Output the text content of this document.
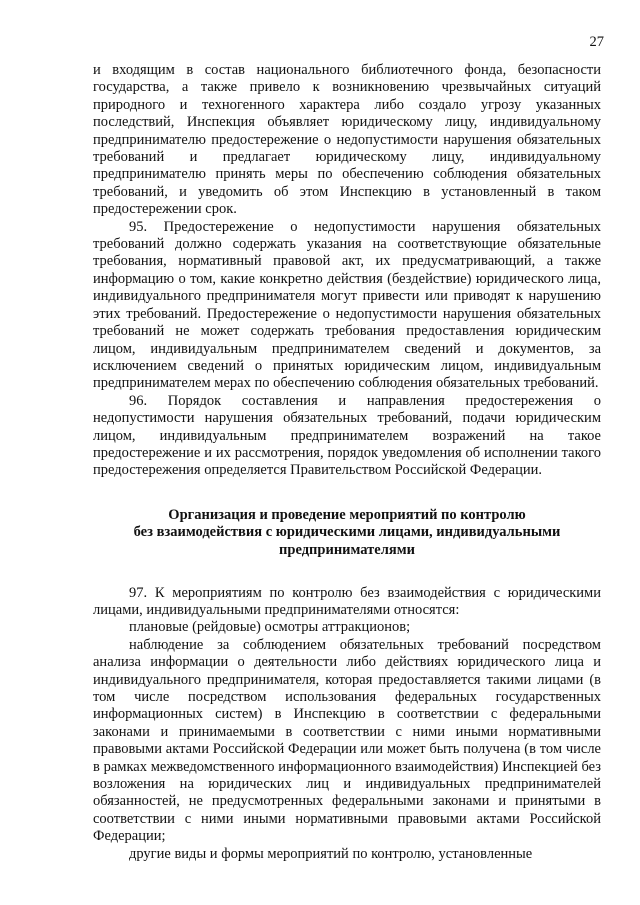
27

и входящим в состав национального библиотечного фонда, безопасности государства, а также привело к возникновению чрезвычайных ситуаций природного и техногенного характера либо создало угрозу указанных последствий, Инспекция объявляет юридическому лицу, индивидуальному предпринимателю предостережение о недопустимости нарушения обязательных требований и предлагает юридическому лицу, индивидуальному предпринимателю принять меры по обеспечению соблюдения обязательных требований, и уведомить об этом Инспекцию в установленный в таком предостережении срок.

95. Предостережение о недопустимости нарушения обязательных требований должно содержать указания на соответствующие обязательные требования, нормативный правовой акт, их предусматривающий, а также информацию о том, какие конкретно действия (бездействие) юридического лица, индивидуального предпринимателя могут привести или приводят к нарушению этих требований. Предостережение о недопустимости нарушения обязательных требований не может содержать требования предоставления юридическим лицом, индивидуальным предпринимателем сведений и документов, за исключением сведений о принятых юридическим лицом, индивидуальным предпринимателем мерах по обеспечению соблюдения обязательных требований.

96. Порядок составления и направления предостережения о недопустимости нарушения обязательных требований, подачи юридическим лицом, индивидуальным предпринимателем возражений на такое предостережение и их рассмотрения, порядок уведомления об исполнении такого предостережения определяется Правительством Российской Федерации.

Организация и проведение мероприятий по контролю
без взаимодействия с юридическими лицами, индивидуальными
предпринимателями

97. К мероприятиям по контролю без взаимодействия с юридическими лицами, индивидуальными предпринимателями относятся:

плановые (рейдовые) осмотры аттракционов;

наблюдение за соблюдением обязательных требований посредством анализа информации о деятельности либо действиях юридического лица и индивидуального предпринимателя, которая предоставляется такими лицами (в том числе посредством использования федеральных государственных информационных систем) в Инспекцию в соответствии с федеральными законами и принимаемыми в соответствии с ними иными нормативными правовыми актами Российской Федерации или может быть получена (в том числе в рамках межведомственного информационного взаимодействия) Инспекцией без возложения на юридических лиц и индивидуальных предпринимателей обязанностей, не предусмотренных федеральными законами и принятыми в соответствии с ними иными нормативными правовыми актами Российской Федерации;

другие виды и формы мероприятий по контролю, установленные
